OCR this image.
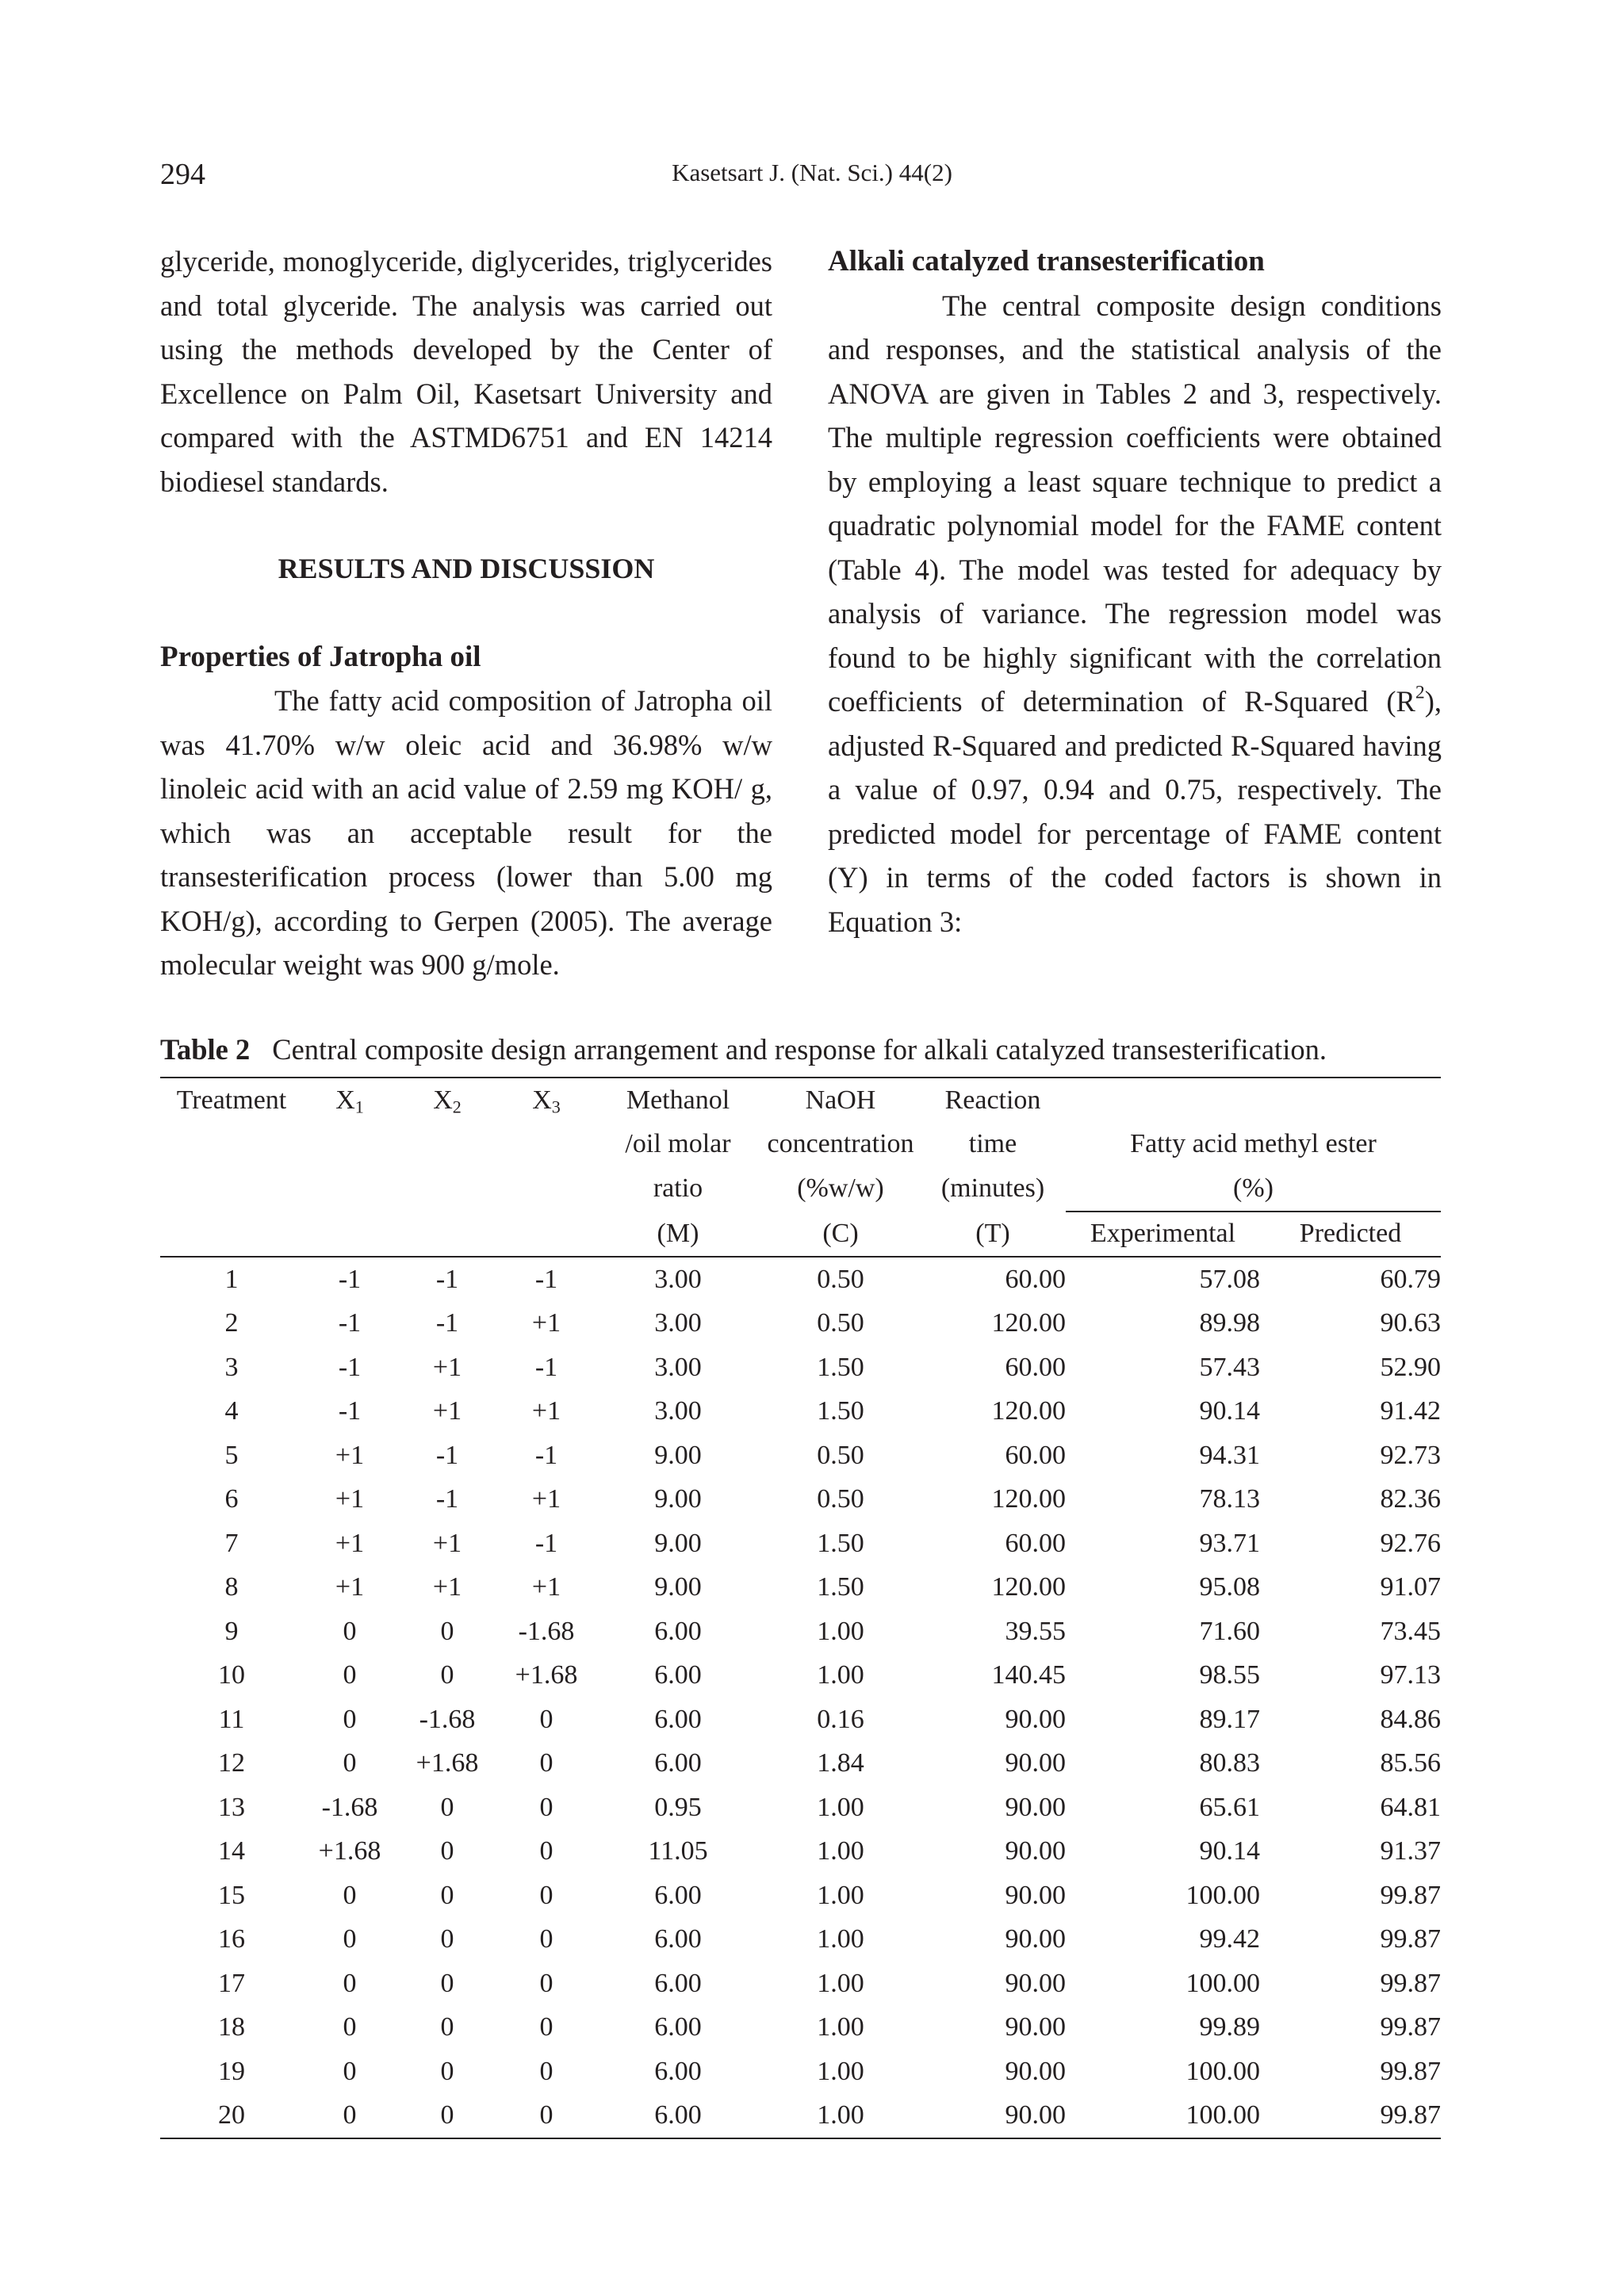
294	Kasetsart J. (Nat. Sci.) 44(2)

glyceride, monoglyceride, diglycerides, triglycerides and total glyceride. The analysis was carried out using the methods developed by the Center of Excellence on Palm Oil, Kasetsart University and compared with the ASTMD6751 and EN 14214 biodiesel standards.

RESULTS AND DISCUSSION
Properties of Jatropha oil

The fatty acid composition of Jatropha oil was 41.70% w/w oleic acid and 36.98% w/w linoleic acid with an acid value of 2.59 mg KOH/ g, which was an acceptable result for the transesterification process (lower than 5.00 mg KOH/g), according to Gerpen (2005). The average molecular weight was 900 g/mole.

Alkali catalyzed transesterification

The central composite design conditions and responses, and the statistical analysis of the ANOVA are given in Tables 2 and 3, respectively. The multiple regression coefficients were obtained by employing a least square technique to predict a quadratic polynomial model for the FAME content (Table 4). The model was tested for adequacy by analysis of variance. The regression model was found to be highly significant with the correlation coefficients of determination of R-Squared $(R^2)$, adjusted R-Squared and predicted R-Squared having a value of 0.97, 0.94 and 0.75, respectively. The predicted model for percentage of FAME content (Y) in terms of the coded factors is shown in Equation 3:

Table 2 Central composite design arrangement and response for alkali catalyzed transesterification.
Treatment	$X_1$	$X_2$	$X_3$	Methanol	NaOH	Reaction		
				/oil molar	concentration	time	Fatty acid methyl ester	
				ratio	(%w/w)	(minutes)	(%)	
				(M)	(C)	(T)	Experimental	Predicted
1	-1	-1	-1	3.00	0.50	60.00	57.08	60.79
2	-1	-1	+1	3.00	0.50	120.00	89.98	90.63
3	-1	+1	-1	3.00	1.50	60.00	57.43	52.90
4	-1	+1	+1	3.00	1.50	120.00	90.14	91.42
5	+1	-1	-1	9.00	0.50	60.00	94.31	92.73
6	+1	-1	+1	9.00	0.50	120.00	78.13	82.36
7	+1	+1	-1	9.00	1.50	60.00	93.71	92.76
8	+1	+1	+1	9.00	1.50	120.00	95.08	91.07
9	0	0	-1.68	6.00	1.00	39.55	71.60	73.45
10	0	0	+1.68	6.00	1.00	140.45	98.55	97.13
11	0	-1.68	0	6.00	0.16	90.00	89.17	84.86
12	0	+1.68	0	6.00	1.84	90.00	80.83	85.56
13	-1.68	0	0	0.95	1.00	90.00	65.61	64.81
14	+1.68	0	0	11.05	1.00	90.00	90.14	91.37
15	0	0	0	6.00	1.00	90.00	100.00	99.87
16	0	0	0	6.00	1.00	90.00	99.42	99.87
17	0	0	0	6.00	1.00	90.00	100.00	99.87
18	0	0	0	6.00	1.00	90.00	99.89	99.87
19	0	0	0	6.00	1.00	90.00	100.00	99.87
20	0	0	0	6.00	1.00	90.00	100.00	99.87
